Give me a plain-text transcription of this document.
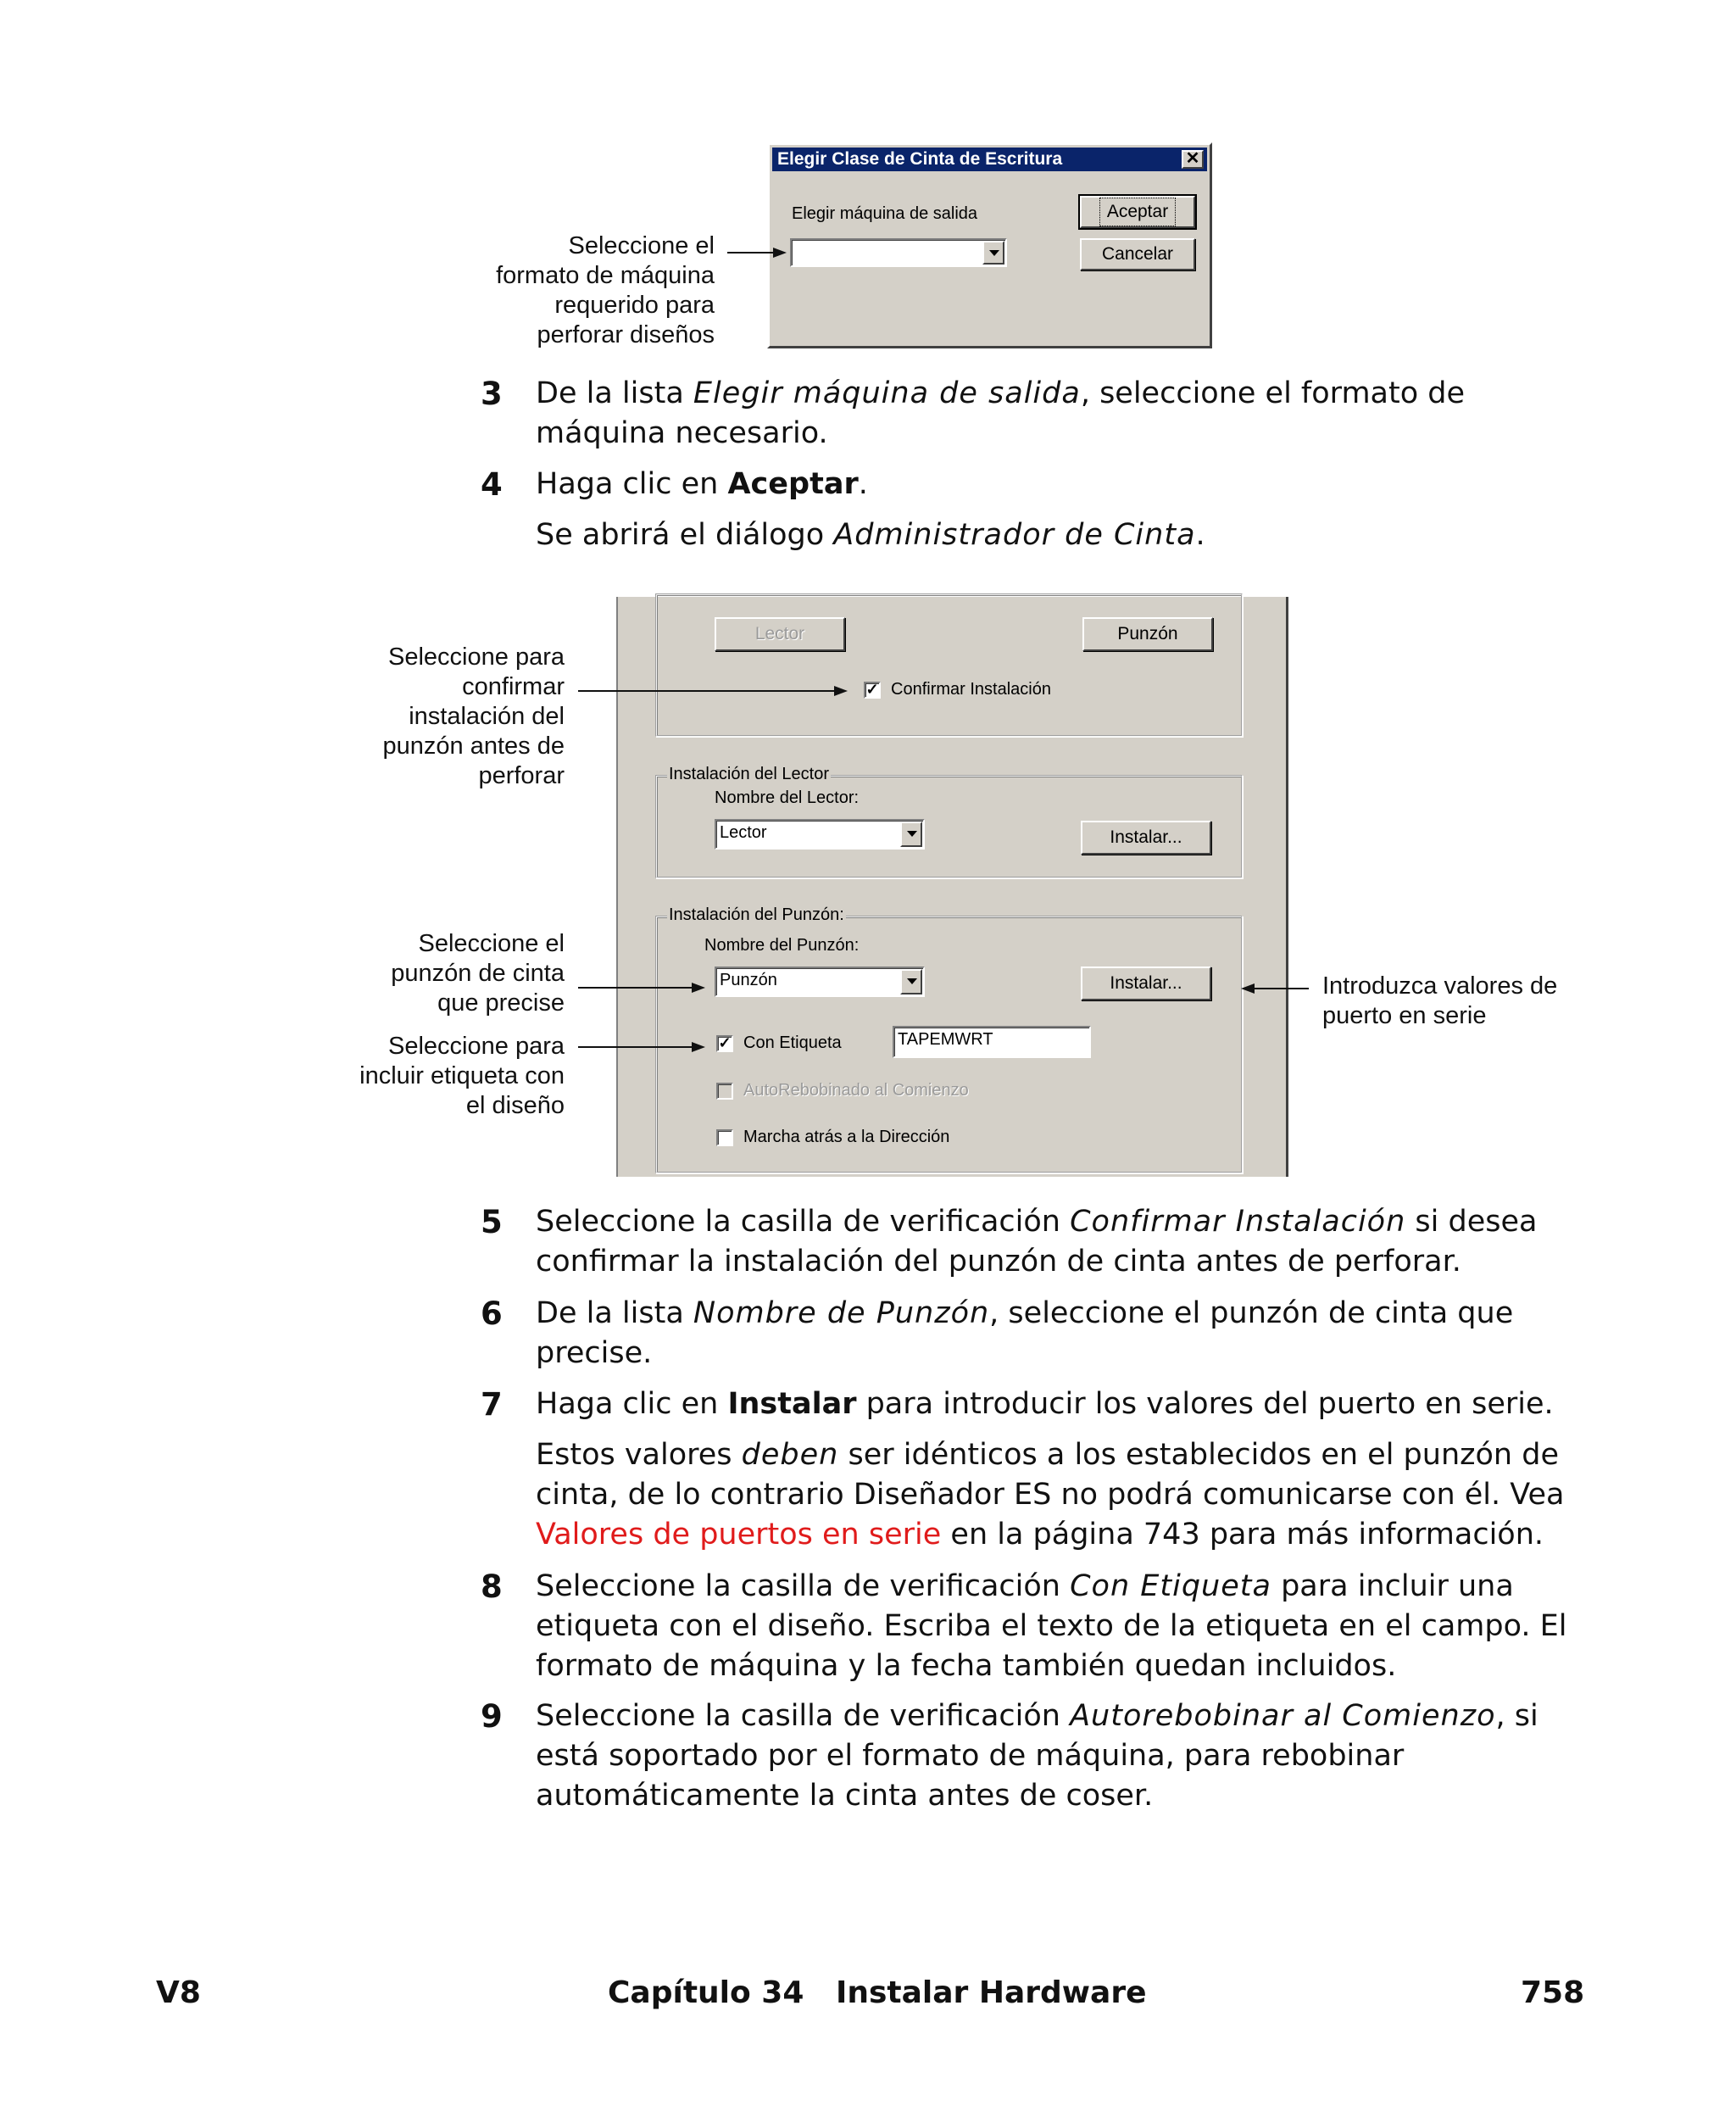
Elegir Clase de Cinta de Escritura	✕
Elegir máquina de salida	Aceptar
Cancelar
Seleccione el
formato de máquina
requerido para
perforar diseños
3 De la lista Elegir máquina de salida, seleccione el formato de máquina necesario.
4 Haga clic en Aceptar.
Se abrirá el diálogo Administrador de Cinta.
Lector	Punzón
✓ Confirmar Instalación
Instalación del Lector
Nombre del Lector:
Lector	Instalar...
Instalación del Punzón:
Nombre del Punzón:
Punzón	Instalar...
✓ Con Etiqueta	TAPEMWRT
AutoRebobinado al Comienzo
Marcha atrás a la Dirección
Seleccione para
confirmar
instalación del
punzón antes de
perforar
Seleccione el
punzón de cinta
que precise
Seleccione para
incluir etiqueta con
el diseño
Introduzca valores de
puerto en serie
5 Seleccione la casilla de verificación Confirmar Instalación si desea confirmar la instalación del punzón de cinta antes de perforar.
6 De la lista Nombre de Punzón, seleccione el punzón de cinta que precise.
7 Haga clic en Instalar para introducir los valores del puerto en serie.
Estos valores deben ser idénticos a los establecidos en el punzón de cinta, de lo contrario Diseñador ES no podrá comunicarse con él. Vea Valores de puertos en serie en la página 743 para más información.
8 Seleccione la casilla de verificación Con Etiqueta para incluir una etiqueta con el diseño. Escriba el texto de la etiqueta en el campo. El formato de máquina y la fecha también quedan incluidos.
9 Seleccione la casilla de verificación Autorebobinar al Comienzo, si está soportado por el formato de máquina, para rebobinar automáticamente la cinta antes de coser.
V8	Capítulo 34   Instalar Hardware	758
